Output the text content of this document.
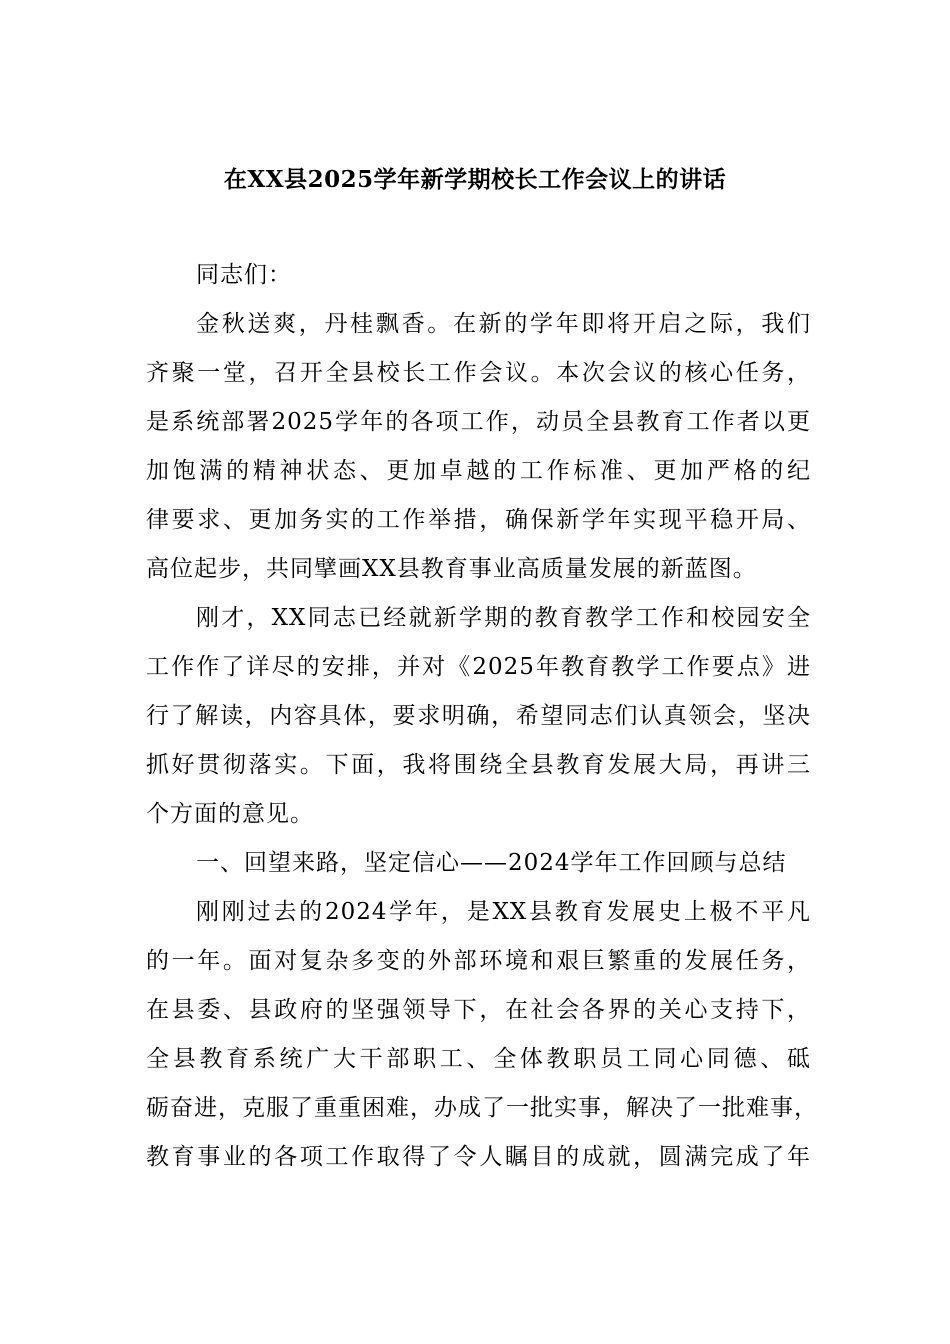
在XX县2025学年新学期校长工作会议上的讲话
同志们：
金秋送爽，丹桂飘香。在新的学年即将开启之际，我们
齐聚一堂，召开全县校长工作会议。本次会议的核心任务，
是系统部署2025学年的各项工作，动员全县教育工作者以更
加饱满的精神状态、更加卓越的工作标准、更加严格的纪
律要求、更加务实的工作举措，确保新学年实现平稳开局、
高位起步，共同擘画XX县教育事业高质量发展的新蓝图。
刚才，XX同志已经就新学期的教育教学工作和校园安全
工作作了详尽的安排，并对《2025年教育教学工作要点》进
行了解读，内容具体，要求明确，希望同志们认真领会，坚决
抓好贯彻落实。下面，我将围绕全县教育发展大局，再讲三
个方面的意见。
一、回望来路，坚定信心——2024学年工作回顾与总结
刚刚过去的2024学年，是XX县教育发展史上极不平凡
的一年。面对复杂多变的外部环境和艰巨繁重的发展任务，
在县委、县政府的坚强领导下，在社会各界的关心支持下，
全县教育系统广大干部职工、全体教职员工同心同德、砥
砺奋进，克服了重重困难，办成了一批实事，解决了一批难事，
教育事业的各项工作取得了令人瞩目的成就，圆满完成了年
